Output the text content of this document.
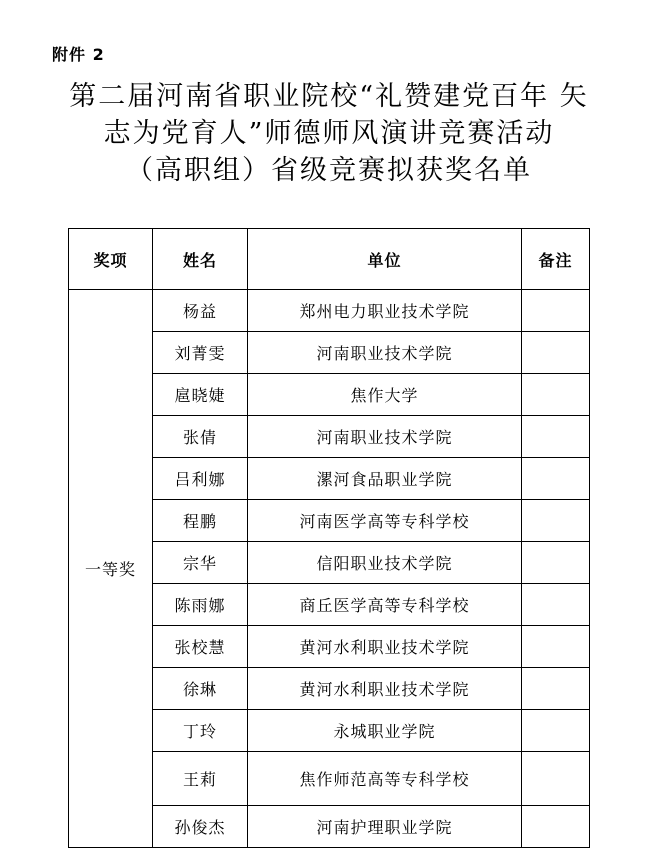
附件 2
第二届河南省职业院校“礼赞建党百年 矢
志为党育人”师德师风演讲竞赛活动
（高职组）省级竞赛拟获奖名单
奖项	姓名	单位	备注
一等奖	杨益	郑州电力职业技术学院	
	刘菁雯	河南职业技术学院	
	扈晓婕	焦作大学	
	张倩	河南职业技术学院	
	吕利娜	漯河食品职业学院	
	程鹏	河南医学高等专科学校	
	宗华	信阳职业技术学院	
	陈雨娜	商丘医学高等专科学校	
	张校慧	黄河水利职业技术学院	
	徐琳	黄河水利职业技术学院	
	丁玲	永城职业学院	
	王莉	焦作师范高等专科学校	
	孙俊杰	河南护理职业学院	
